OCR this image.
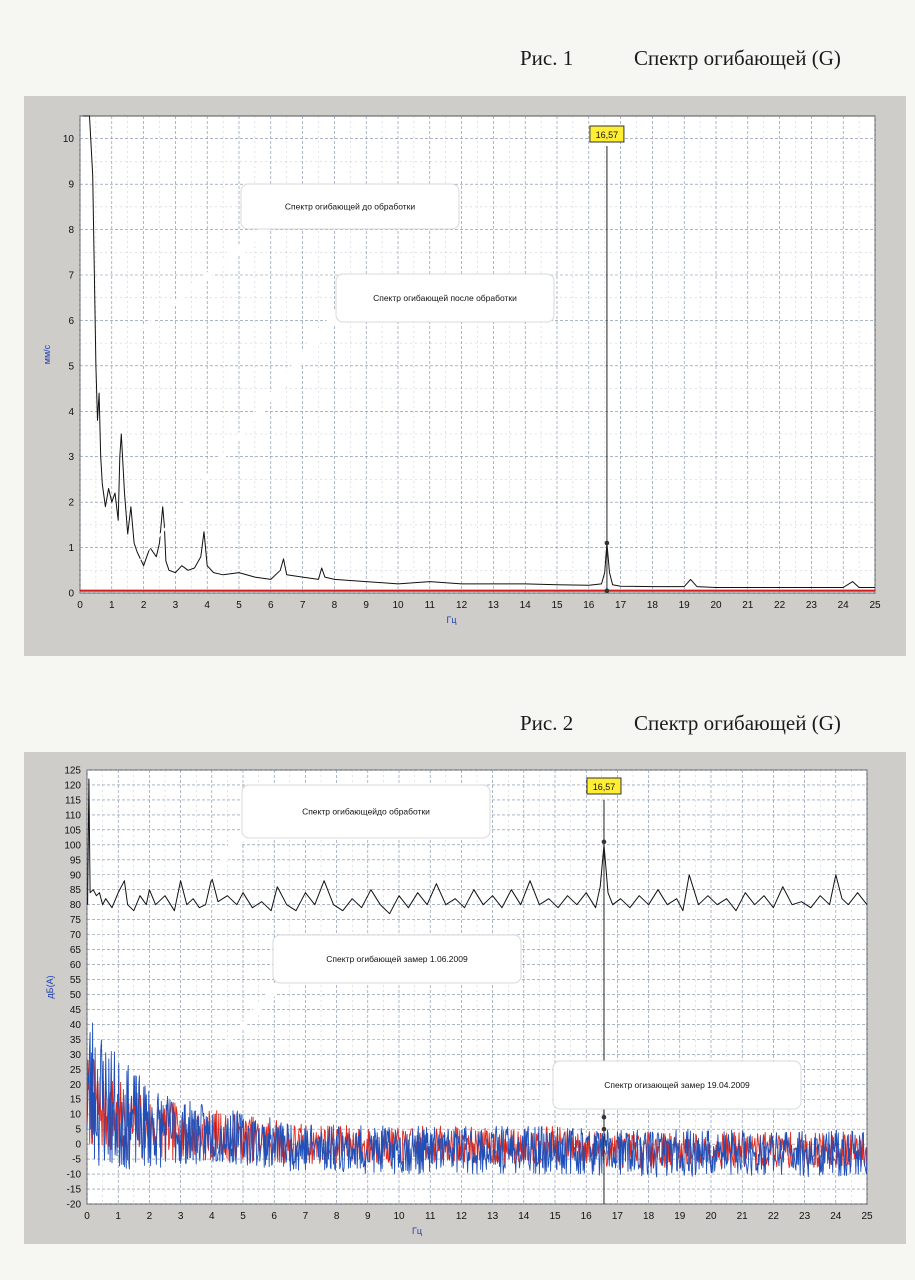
Рис. 1	Спектр огибающей (G)
0	1	2	3	4	5	6	7	8	9 10 11 12 13 14 15 16 17 18 19 20 21 22 23 24 25
0
1
2
3
4
5
6
7
8
9
10
Гц
мм/с
16,57
Спектр огибающей до обработки
Спектр огибающей после обработки
Рис. 2	Спектр огибающей (G)
0	1	2	3	4	5	6	7	8	9 10 11 12 13 14 15 16 17 18 19 20 21 22 23 24 25
-20
-15
-10
-5
0
5
10
15
20
25
30
35
40
45
50
55
60
65
70
75
80
85
90
95
100
105
110
115
120
125
Гц
дБ(А)
16,57
Спектр огибающейдо обработки
Спектр огибающей замер 1.06.2009
Спектр огизающей замер 19.04.2009
